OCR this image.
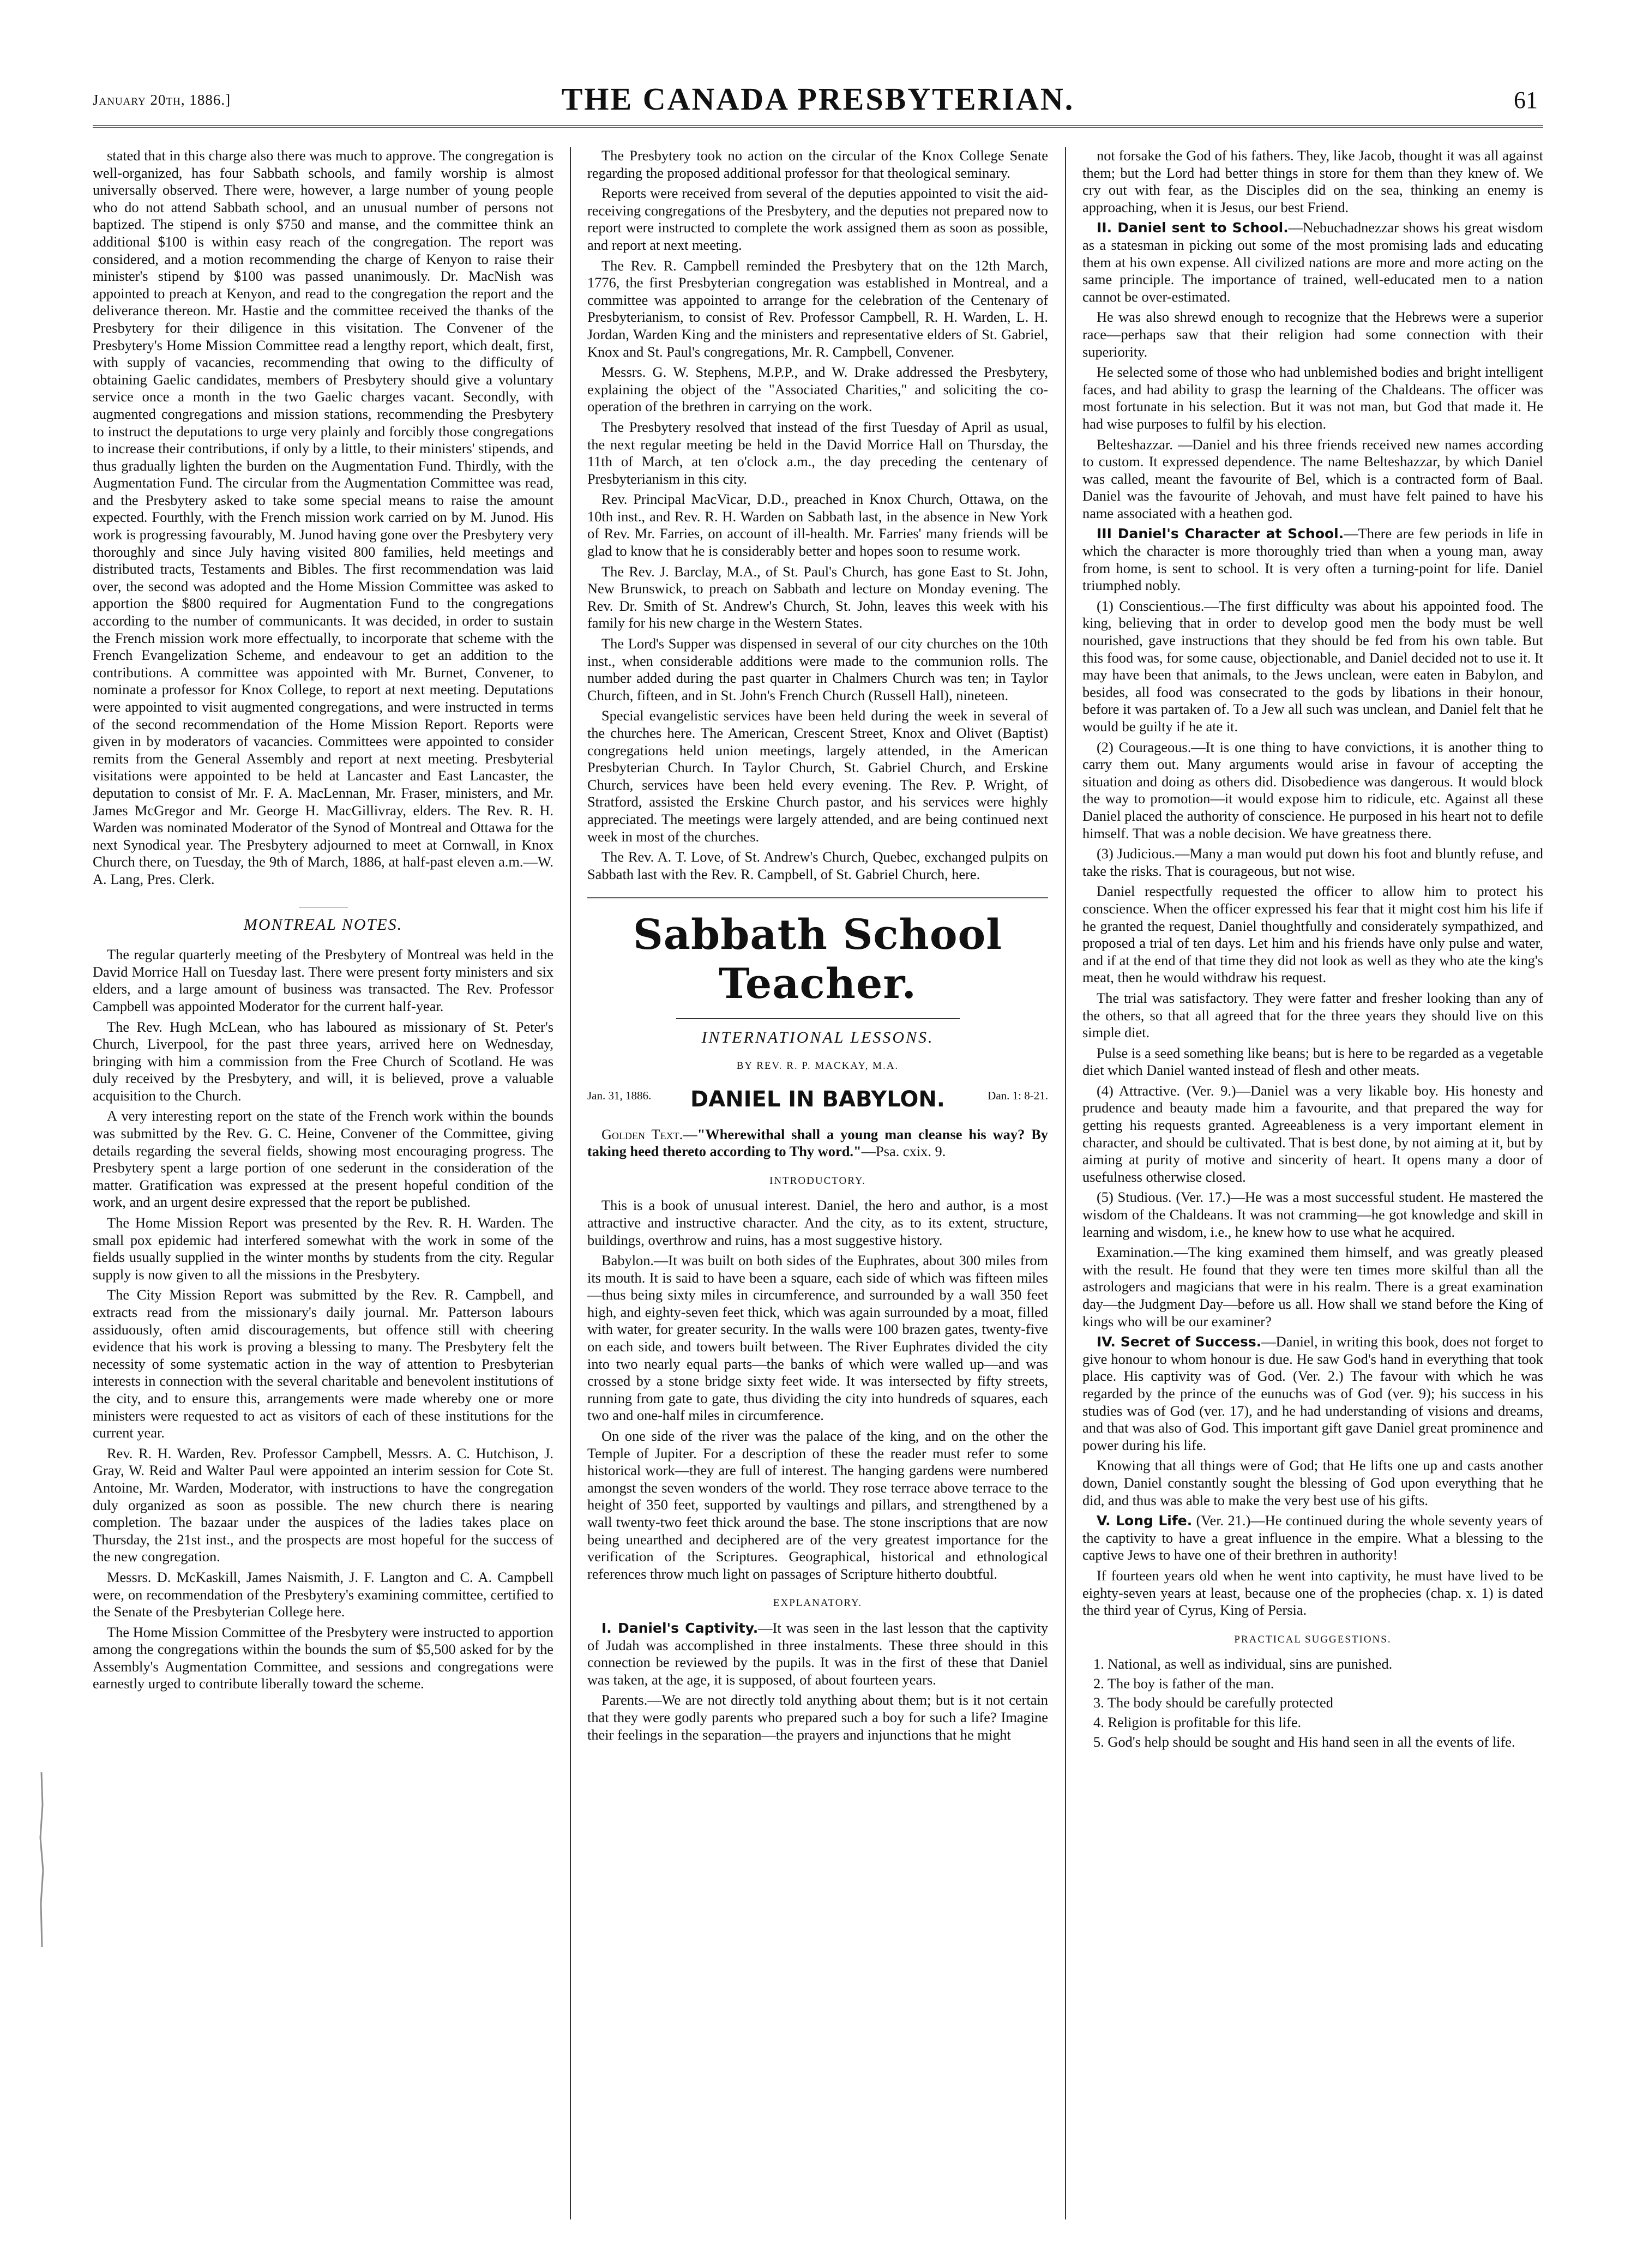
January 20th, 1886.]	THE CANADA PRESBYTERIAN.	61

stated that in this charge also there was much to approve. The congregation is well-organized, has four Sabbath schools, and family worship is almost universally observed. There were, however, a large number of young people who do not attend Sabbath school, and an unusual number of persons not baptized. The stipend is only $750 and manse, and the committee think an additional $100 is within easy reach of the congregation. The report was considered, and a motion recommending the charge of Kenyon to raise their minister's stipend by $100 was passed unanimously. Dr. MacNish was appointed to preach at Kenyon, and read to the congregation the report and the deliverance thereon. Mr. Hastie and the committee received the thanks of the Presbytery for their diligence in this visitation. The Convener of the Presbytery's Home Mission Committee read a lengthy report, which dealt, first, with supply of vacancies, recommending that owing to the difficulty of obtaining Gaelic candidates, members of Presbytery should give a voluntary service once a month in the two Gaelic charges vacant. Secondly, with augmented congregations and mission stations, recommending the Presbytery to instruct the deputations to urge very plainly and forcibly those congregations to increase their contributions, if only by a little, to their ministers' stipends, and thus gradually lighten the burden on the Augmentation Fund. Thirdly, with the Augmentation Fund. The circular from the Augmentation Committee was read, and the Presbytery asked to take some special means to raise the amount expected. Fourthly, with the French mission work carried on by M. Junod. His work is progressing favourably, M. Junod having gone over the Presbytery very thoroughly and since July having visited 800 families, held meetings and distributed tracts, Testaments and Bibles. The first recommendation was laid over, the second was adopted and the Home Mission Committee was asked to apportion the $800 required for Augmentation Fund to the congregations according to the number of communicants. It was decided, in order to sustain the French mission work more effectually, to incorporate that scheme with the French Evangelization Scheme, and endeavour to get an addition to the contributions. A committee was appointed with Mr. Burnet, Convener, to nominate a professor for Knox College, to report at next meeting. Deputations were appointed to visit augmented congregations, and were instructed in terms of the second recommendation of the Home Mission Report. Reports were given in by moderators of vacancies. Committees were appointed to consider remits from the General Assembly and report at next meeting. Presbyterial visitations were appointed to be held at Lancaster and East Lancaster, the deputation to consist of Mr. F. A. MacLennan, Mr. Fraser, ministers, and Mr. James McGregor and Mr. George H. MacGillivray, elders. The Rev. R. H. Warden was nominated Moderator of the Synod of Montreal and Ottawa for the next Synodical year. The Presbytery adjourned to meet at Cornwall, in Knox Church there, on Tuesday, the 9th of March, 1886, at half-past eleven a.m.—W. A. Lang, Pres. Clerk.

MONTREAL NOTES.

The regular quarterly meeting of the Presbytery of Montreal was held in the David Morrice Hall on Tuesday last. There were present forty ministers and six elders, and a large amount of business was transacted. The Rev. Professor Campbell was appointed Moderator for the current half-year.

The Rev. Hugh McLean, who has laboured as missionary of St. Peter's Church, Liverpool, for the past three years, arrived here on Wednesday, bringing with him a commission from the Free Church of Scotland. He was duly received by the Presbytery, and will, it is believed, prove a valuable acquisition to the Church.

A very interesting report on the state of the French work within the bounds was submitted by the Rev. G. C. Heine, Convener of the Committee, giving details regarding the several fields, showing most encouraging progress. The Presbytery spent a large portion of one sederunt in the consideration of the matter. Gratification was expressed at the present hopeful condition of the work, and an urgent desire expressed that the report be published.

The Home Mission Report was presented by the Rev. R. H. Warden. The small pox epidemic had interfered somewhat with the work in some of the fields usually supplied in the winter months by students from the city. Regular supply is now given to all the missions in the Presbytery.

The City Mission Report was submitted by the Rev. R. Campbell, and extracts read from the missionary's daily journal. Mr. Patterson labours assiduously, often amid discouragements, but offence still with cheering evidence that his work is proving a blessing to many. The Presbytery felt the necessity of some systematic action in the way of attention to Presbyterian interests in connection with the several charitable and benevolent institutions of the city, and to ensure this, arrangements were made whereby one or more ministers were requested to act as visitors of each of these institutions for the current year.

Rev. R. H. Warden, Rev. Professor Campbell, Messrs. A. C. Hutchison, J. Gray, W. Reid and Walter Paul were appointed an interim session for Cote St. Antoine, Mr. Warden, Moderator, with instructions to have the congregation duly organized as soon as possible. The new church there is nearing completion. The bazaar under the auspices of the ladies takes place on Thursday, the 21st inst., and the prospects are most hopeful for the success of the new congregation.

Messrs. D. McKaskill, James Naismith, J. F. Langton and C. A. Campbell were, on recommendation of the Presbytery's examining committee, certified to the Senate of the Presbyterian College here.

The Home Mission Committee of the Presbytery were instructed to apportion among the congregations within the bounds the sum of $5,500 asked for by the Assembly's Augmentation Committee, and sessions and congregations were earnestly urged to contribute liberally toward the scheme.

The Presbytery took no action on the circular of the Knox College Senate regarding the proposed additional professor for that theological seminary.

Reports were received from several of the deputies appointed to visit the aid-receiving congregations of the Presbytery, and the deputies not prepared now to report were instructed to complete the work assigned them as soon as possible, and report at next meeting.

The Rev. R. Campbell reminded the Presbytery that on the 12th March, 1776, the first Presbyterian congregation was established in Montreal, and a committee was appointed to arrange for the celebration of the Centenary of Presbyterianism, to consist of Rev. Professor Campbell, R. H. Warden, L. H. Jordan, Warden King and the ministers and representative elders of St. Gabriel, Knox and St. Paul's congregations, Mr. R. Campbell, Convener.

Messrs. G. W. Stephens, M.P.P., and W. Drake addressed the Presbytery, explaining the object of the "Associated Charities," and soliciting the co-operation of the brethren in carrying on the work.

The Presbytery resolved that instead of the first Tuesday of April as usual, the next regular meeting be held in the David Morrice Hall on Thursday, the 11th of March, at ten o'clock a.m., the day preceding the centenary of Presbyterianism in this city.

Rev. Principal MacVicar, D.D., preached in Knox Church, Ottawa, on the 10th inst., and Rev. R. H. Warden on Sabbath last, in the absence in New York of Rev. Mr. Farries, on account of ill-health. Mr. Farries' many friends will be glad to know that he is considerably better and hopes soon to resume work.

The Rev. J. Barclay, M.A., of St. Paul's Church, has gone East to St. John, New Brunswick, to preach on Sabbath and lecture on Monday evening. The Rev. Dr. Smith of St. Andrew's Church, St. John, leaves this week with his family for his new charge in the Western States.

The Lord's Supper was dispensed in several of our city churches on the 10th inst., when considerable additions were made to the communion rolls. The number added during the past quarter in Chalmers Church was ten; in Taylor Church, fifteen, and in St. John's French Church (Russell Hall), nineteen.

Special evangelistic services have been held during the week in several of the churches here. The American, Crescent Street, Knox and Olivet (Baptist) congregations held union meetings, largely attended, in the American Presbyterian Church. In Taylor Church, St. Gabriel Church, and Erskine Church, services have been held every evening. The Rev. P. Wright, of Stratford, assisted the Erskine Church pastor, and his services were highly appreciated. The meetings were largely attended, and are being continued next week in most of the churches.

The Rev. A. T. Love, of St. Andrew's Church, Quebec, exchanged pulpits on Sabbath last with the Rev. R. Campbell, of St. Gabriel Church, here.

Sabbath School Teacher.
INTERNATIONAL LESSONS.
BY REV. R. P. MACKAY, M.A.
Jan. 31, 1886.	DANIEL IN BABYLON.	Dan. 1: 8-21.

Golden Text.—"Wherewithal shall a young man cleanse his way? By taking heed thereto according to Thy word."—Psa. cxix. 9.

INTRODUCTORY.

This is a book of unusual interest. Daniel, the hero and author, is a most attractive and instructive character. And the city, as to its extent, structure, buildings, overthrow and ruins, has a most suggestive history.

Babylon.—It was built on both sides of the Euphrates, about 300 miles from its mouth. It is said to have been a square, each side of which was fifteen miles—thus being sixty miles in circumference, and surrounded by a wall 350 feet high, and eighty-seven feet thick, which was again surrounded by a moat, filled with water, for greater security. In the walls were 100 brazen gates, twenty-five on each side, and towers built between. The River Euphrates divided the city into two nearly equal parts—the banks of which were walled up—and was crossed by a stone bridge sixty feet wide. It was intersected by fifty streets, running from gate to gate, thus dividing the city into hundreds of squares, each two and one-half miles in circumference.

On one side of the river was the palace of the king, and on the other the Temple of Jupiter. For a description of these the reader must refer to some historical work—they are full of interest. The hanging gardens were numbered amongst the seven wonders of the world. They rose terrace above terrace to the height of 350 feet, supported by vaultings and pillars, and strengthened by a wall twenty-two feet thick around the base. The stone inscriptions that are now being unearthed and deciphered are of the very greatest importance for the verification of the Scriptures. Geographical, historical and ethnological references throw much light on passages of Scripture hitherto doubtful.

EXPLANATORY.

I. Daniel's Captivity.—It was seen in the last lesson that the captivity of Judah was accomplished in three instalments. These three should in this connection be reviewed by the pupils. It was in the first of these that Daniel was taken, at the age, it is supposed, of about fourteen years.

Parents.—We are not directly told anything about them; but is it not certain that they were godly parents who prepared such a boy for such a life? Imagine their feelings in the separation—the prayers and injunctions that he might

not forsake the God of his fathers. They, like Jacob, thought it was all against them; but the Lord had better things in store for them than they knew of. We cry out with fear, as the Disciples did on the sea, thinking an enemy is approaching, when it is Jesus, our best Friend.

II. Daniel sent to School.—Nebuchadnezzar shows his great wisdom as a statesman in picking out some of the most promising lads and educating them at his own expense. All civilized nations are more and more acting on the same principle. The importance of trained, well-educated men to a nation cannot be over-estimated.

He was also shrewd enough to recognize that the Hebrews were a superior race—perhaps saw that their religion had some connection with their superiority.

He selected some of those who had unblemished bodies and bright intelligent faces, and had ability to grasp the learning of the Chaldeans. The officer was most fortunate in his selection. But it was not man, but God that made it. He had wise purposes to fulfil by his election.

Belteshazzar. —Daniel and his three friends received new names according to custom. It expressed dependence. The name Belteshazzar, by which Daniel was called, meant the favourite of Bel, which is a contracted form of Baal. Daniel was the favourite of Jehovah, and must have felt pained to have his name associated with a heathen god.

III Daniel's Character at School.—There are few periods in life in which the character is more thoroughly tried than when a young man, away from home, is sent to school. It is very often a turning-point for life. Daniel triumphed nobly.

(1) Conscientious.—The first difficulty was about his appointed food. The king, believing that in order to develop good men the body must be well nourished, gave instructions that they should be fed from his own table. But this food was, for some cause, objectionable, and Daniel decided not to use it. It may have been that animals, to the Jews unclean, were eaten in Babylon, and besides, all food was consecrated to the gods by libations in their honour, before it was partaken of. To a Jew all such was unclean, and Daniel felt that he would be guilty if he ate it.

(2) Courageous.—It is one thing to have convictions, it is another thing to carry them out. Many arguments would arise in favour of accepting the situation and doing as others did. Disobedience was dangerous. It would block the way to promotion—it would expose him to ridicule, etc. Against all these Daniel placed the authority of conscience. He purposed in his heart not to defile himself. That was a noble decision. We have greatness there.

(3) Judicious.—Many a man would put down his foot and bluntly refuse, and take the risks. That is courageous, but not wise.

Daniel respectfully requested the officer to allow him to protect his conscience. When the officer expressed his fear that it might cost him his life if he granted the request, Daniel thoughtfully and considerately sympathized, and proposed a trial of ten days. Let him and his friends have only pulse and water, and if at the end of that time they did not look as well as they who ate the king's meat, then he would withdraw his request.

The trial was satisfactory. They were fatter and fresher looking than any of the others, so that all agreed that for the three years they should live on this simple diet.

Pulse is a seed something like beans; but is here to be regarded as a vegetable diet which Daniel wanted instead of flesh and other meats.

(4) Attractive. (Ver. 9.)—Daniel was a very likable boy. His honesty and prudence and beauty made him a favourite, and that prepared the way for getting his requests granted. Agreeableness is a very important element in character, and should be cultivated. That is best done, by not aiming at it, but by aiming at purity of motive and sincerity of heart. It opens many a door of usefulness otherwise closed.

(5) Studious. (Ver. 17.)—He was a most successful student. He mastered the wisdom of the Chaldeans. It was not cramming—he got knowledge and skill in learning and wisdom, i.e., he knew how to use what he acquired.

Examination.—The king examined them himself, and was greatly pleased with the result. He found that they were ten times more skilful than all the astrologers and magicians that were in his realm. There is a great examination day—the Judgment Day—before us all. How shall we stand before the King of kings who will be our examiner?

IV. Secret of Success.—Daniel, in writing this book, does not forget to give honour to whom honour is due. He saw God's hand in everything that took place. His captivity was of God. (Ver. 2.) The favour with which he was regarded by the prince of the eunuchs was of God (ver. 9); his success in his studies was of God (ver. 17), and he had understanding of visions and dreams, and that was also of God. This important gift gave Daniel great prominence and power during his life.

Knowing that all things were of God; that He lifts one up and casts another down, Daniel constantly sought the blessing of God upon everything that he did, and thus was able to make the very best use of his gifts.

V. Long Life. (Ver. 21.)—He continued during the whole seventy years of the captivity to have a great influence in the empire. What a blessing to the captive Jews to have one of their brethren in authority!

If fourteen years old when he went into captivity, he must have lived to be eighty-seven years at least, because one of the prophecies (chap. x. 1) is dated the third year of Cyrus, King of Persia.

PRACTICAL SUGGESTIONS.

1. National, as well as individual, sins are punished.

2. The boy is father of the man.

3. The body should be carefully protected

4. Religion is profitable for this life.

5. God's help should be sought and His hand seen in all the events of life.
